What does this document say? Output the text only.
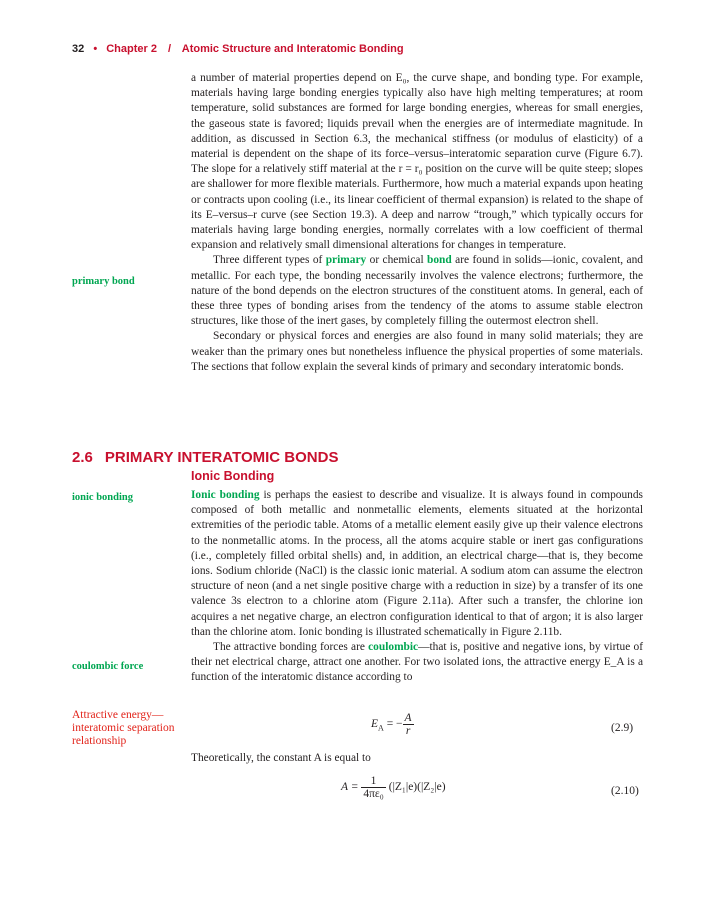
32 • Chapter 2 / Atomic Structure and Interatomic Bonding

a number of material properties depend on E₀, the curve shape, and bonding type. For example, materials having large bonding energies typically also have high melting temperatures; at room temperature, solid substances are formed for large bonding energies, whereas for small energies, the gaseous state is favored; liquids prevail when the energies are of intermediate magnitude. In addition, as discussed in Section 6.3, the mechanical stiffness (or modulus of elasticity) of a material is dependent on the shape of its force–versus–interatomic separation curve (Figure 6.7). The slope for a relatively stiff material at the r = r₀ position on the curve will be quite steep; slopes are shallower for more flexible materials. Furthermore, how much a material expands upon heating or contracts upon cooling (i.e., its linear coefficient of thermal expansion) is related to the shape of its E–versus–r curve (see Section 19.3). A deep and narrow “trough,” which typically occurs for materials having large bonding energies, normally correlates with a low coefficient of thermal expansion and relatively small dimensional alterations for changes in temperature.

Three different types of primary or chemical bond are found in solids—ionic, covalent, and metallic. For each type, the bonding necessarily involves the valence electrons; furthermore, the nature of the bond depends on the electron structures of the constituent atoms. In general, each of these three types of bonding arises from the tendency of the atoms to assume stable electron structures, like those of the inert gases, by completely filling the outermost electron shell.

Secondary or physical forces and energies are also found in many solid materials; they are weaker than the primary ones but nonetheless influence the physical properties of some materials. The sections that follow explain the several kinds of primary and secondary interatomic bonds.

primary bond
2.6 PRIMARY INTERATOMIC BONDS
Ionic Bonding

Ionic bonding is perhaps the easiest to describe and visualize. It is always found in compounds composed of both metallic and nonmetallic elements, elements situated at the horizontal extremities of the periodic table. Atoms of a metallic element easily give up their valence electrons to the nonmetallic atoms. In the process, all the atoms acquire stable or inert gas configurations (i.e., completely filled orbital shells) and, in addition, an electrical charge—that is, they become ions. Sodium chloride (NaCl) is the classic ionic material. A sodium atom can assume the electron structure of neon (and a net single positive charge with a reduction in size) by a transfer of its one valence 3s electron to a chlorine atom (Figure 2.11a). After such a transfer, the chlorine ion acquires a net negative charge, an electron configuration identical to that of argon; it is also larger than the chlorine atom. Ionic bonding is illustrated schematically in Figure 2.11b.

The attractive bonding forces are coulombic—that is, positive and negative ions, by virtue of their net electrical charge, attract one another. For two isolated ions, the attractive energy E_A is a function of the interatomic distance according to

ionic bonding
coulombic force
Attractive energy—interatomic separation relationship
$E_A$ = − $\frac{A}{r}$	(2.9)

Theoretically, the constant A is equal to

$A = \frac{1}{\text{4πε₀}} (|Z_1|e)(|Z_2|e)$	(2.10)
